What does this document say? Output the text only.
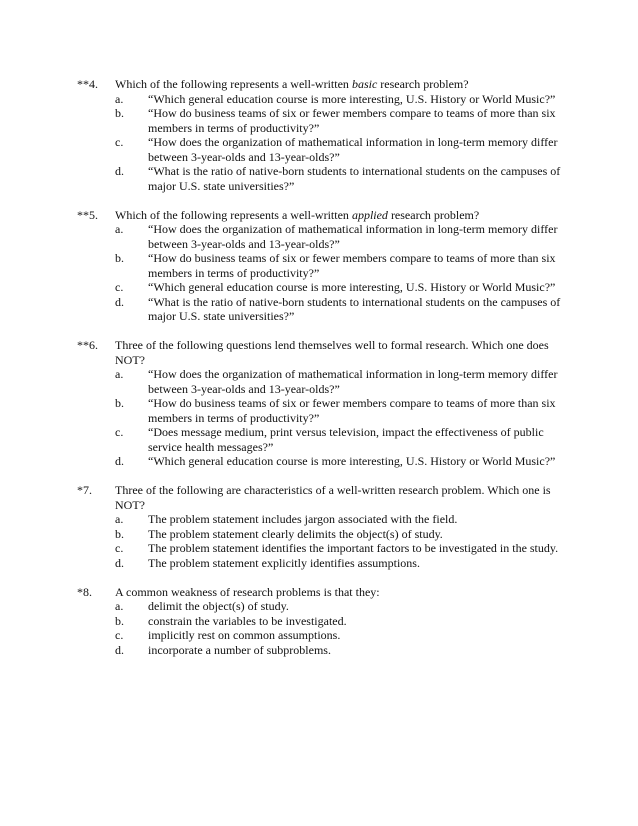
**4.	Which of the following represents a well-written basic research problem?
a.	“Which general education course is more interesting, U.S. History or World Music?”
b.	“How do business teams of six or fewer members compare to teams of more than six members in terms of productivity?”
c.	“How does the organization of mathematical information in long-term memory differ between 3-year-olds and 13-year-olds?”
d.	“What is the ratio of native-born students to international students on the campuses of major U.S. state universities?”
**5.	Which of the following represents a well-written applied research problem?
a.	“How does the organization of mathematical information in long-term memory differ between 3-year-olds and 13-year-olds?”
b.	“How do business teams of six or fewer members compare to teams of more than six members in terms of productivity?”
c.	“Which general education course is more interesting, U.S. History or World Music?”
d.	“What is the ratio of native-born students to international students on the campuses of major U.S. state universities?”
**6.	Three of the following questions lend themselves well to formal research. Which one does NOT?
a.	“How does the organization of mathematical information in long-term memory differ between 3-year-olds and 13-year-olds?”
b.	“How do business teams of six or fewer members compare to teams of more than six members in terms of productivity?”
c.	“Does message medium, print versus television, impact the effectiveness of public service health messages?”
d.	“Which general education course is more interesting, U.S. History or World Music?”
*7.	Three of the following are characteristics of a well-written research problem. Which one is NOT?
a.	The problem statement includes jargon associated with the field.
b.	The problem statement clearly delimits the object(s) of study.
c.	The problem statement identifies the important factors to be investigated in the study.
d.	The problem statement explicitly identifies assumptions.
*8.	A common weakness of research problems is that they:
a.	delimit the object(s) of study.
b.	constrain the variables to be investigated.
c.	implicitly rest on common assumptions.
d.	incorporate a number of subproblems.
